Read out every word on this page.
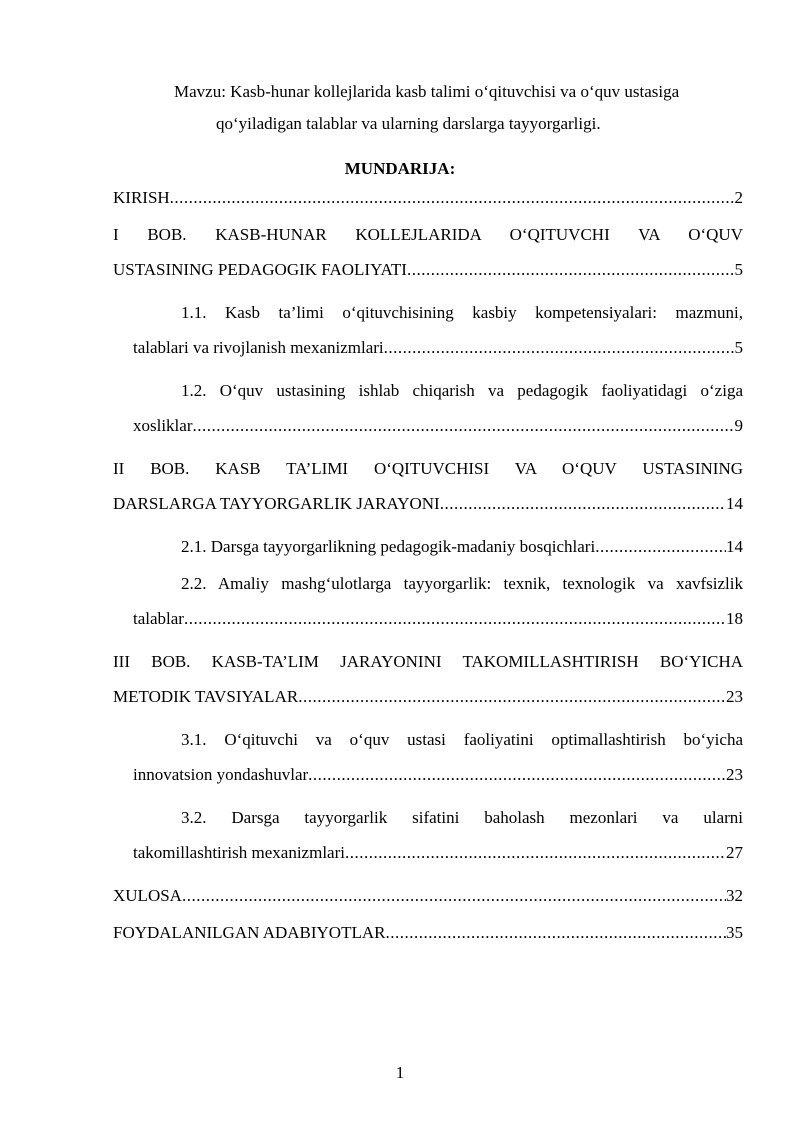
Mavzu: Kasb-hunar kollejlarida kasb talimi o‘qituvchisi va o‘quv ustasiga
qo‘yiladigan talablar va ularning darslarga tayyorgarligi.
MUNDARIJA:
KIRISH .....	2
I BOB. KASB-HUNAR KOLLEJLARIDA O‘QITUVCHI VA O‘QUV
USTASINING PEDAGOGIK FAOLIYATI .....	5
1.1. Kasb ta’limi o‘qituvchisining kasbiy kompetensiyalari: mazmuni,
talablari va rivojlanish mexanizmlari .....	5
1.2. O‘quv ustasining ishlab chiqarish va pedagogik faoliyatidagi o‘ziga
xosliklar .....	9
II BOB. KASB TA’LIMI O‘QITUVCHISI VA O‘QUV USTASINING
DARSLARGA TAYYORGARLIK JARAYONI .....	14
2.1. Darsga tayyorgarlikning pedagogik-madaniy bosqichlari .....	14
2.2. Amaliy mashg‘ulotlarga tayyorgarlik: texnik, texnologik va xavfsizlik
talablar .....	18
III BOB. KASB-TA’LIM JARAYONINI TAKOMILLASHTIRISH BO‘YICHA
METODIK TAVSIYALAR .....	23
3.1. O‘qituvchi va o‘quv ustasi faoliyatini optimallashtirish bo‘yicha
innovatsion yondashuvlar .....	23
3.2. Darsga tayyorgarlik sifatini baholash mezonlari va ularni
takomillashtirish mexanizmlari .....	27
XULOSA .....	32
FOYDALANILGAN ADABIYOTLAR .....	35
1
